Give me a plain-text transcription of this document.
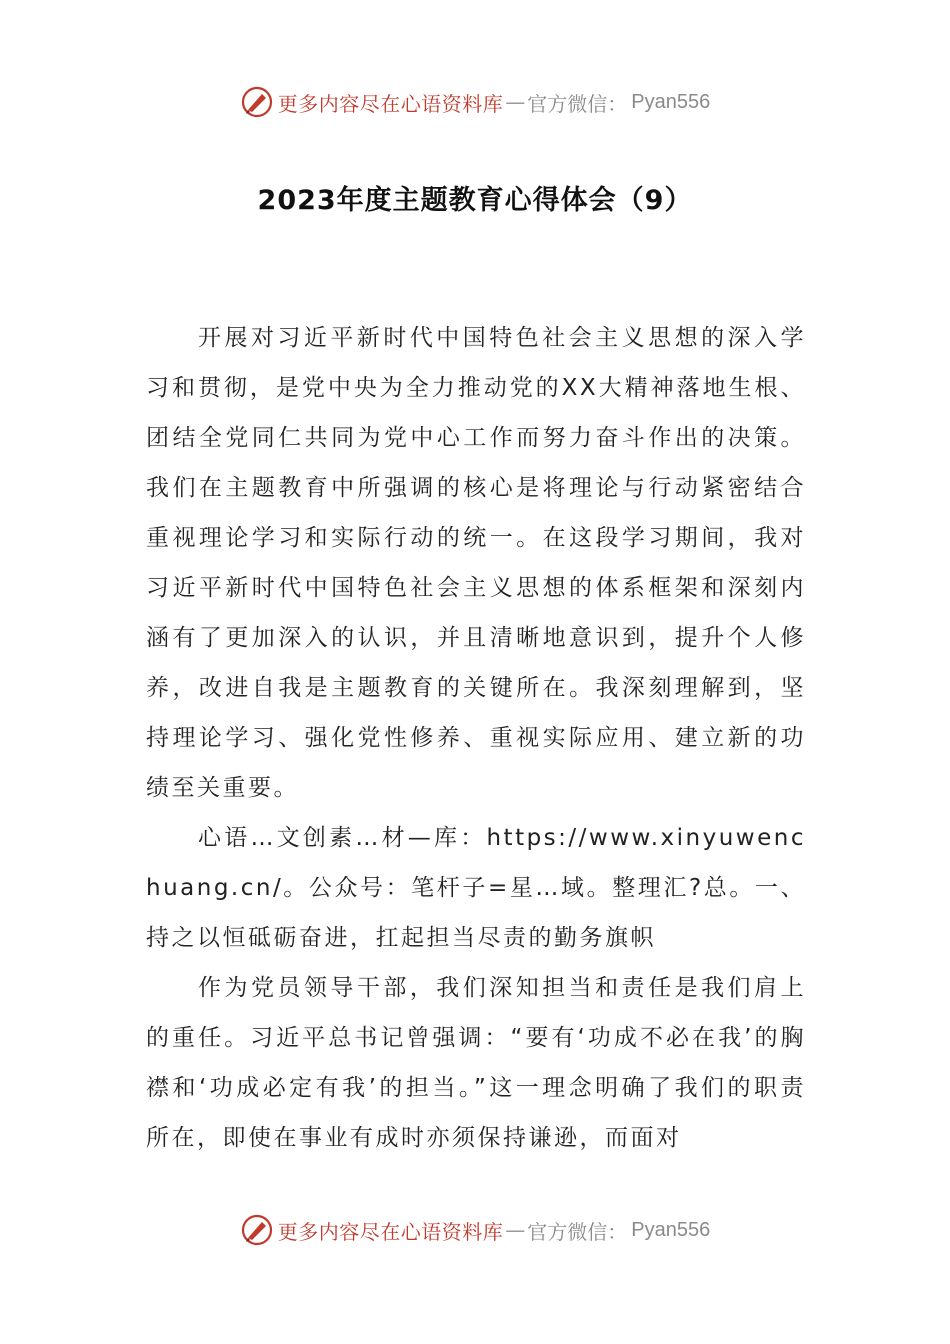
更多内容尽在心语资料库 — 官方微信： Pyan556
2023年度主题教育心得体会（9）

开展对习近平新时代中国特色社会主义思想的深入学习和贯彻，是党中央为全力推动党的XX大精神落地生根、团结全党同仁共同为党中心工作而努力奋斗作出的决策。我们在主题教育中所强调的核心是将理论与行动紧密结合重视理论学习和实际行动的统一。在这段学习期间，我对习近平新时代中国特色社会主义思想的体系框架和深刻内涵有了更加深入的认识，并且清晰地意识到，提升个人修养，改进自我是主题教育的关键所在。我深刻理解到，坚持理论学习、强化党性修养、重视实际应用、建立新的功绩至关重要。

心语…文创素…材—库：https://www.xinyuwenchuang.cn/。公众号：笔杆子=星…域。整理汇?总。一、持之以恒砥砺奋进，扛起担当尽责的勤务旗帜

作为党员领导干部，我们深知担当和责任是我们肩上的重任。习近平总书记曾强调：“要有‘功成不必在我’的胸襟和‘功成必定有我’的担当。”这一理念明确了我们的职责所在，即使在事业有成时亦须保持谦逊，而面对

更多内容尽在心语资料库 — 官方微信： Pyan556
